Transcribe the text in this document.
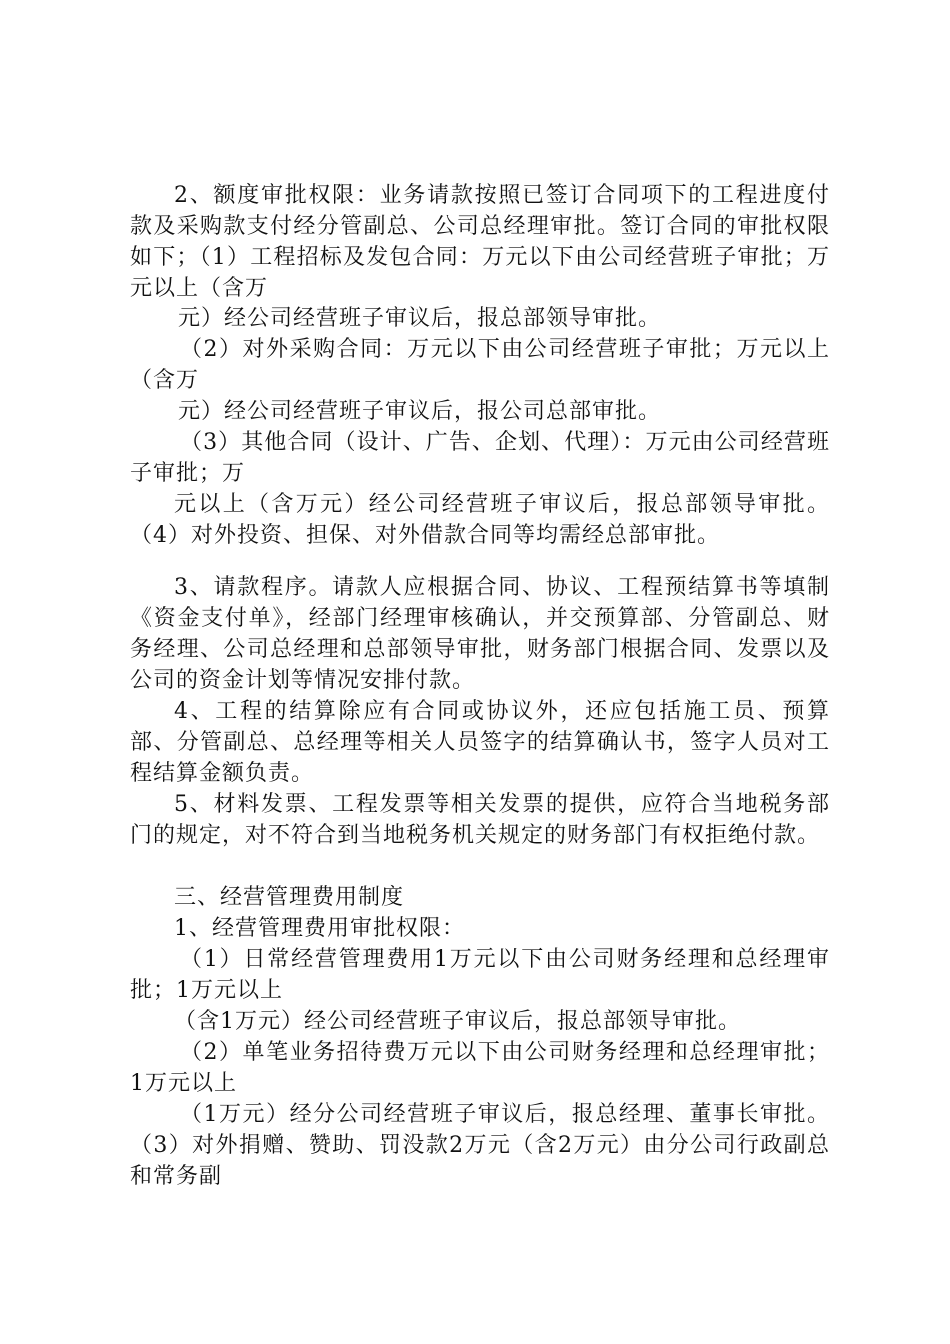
2、额度审批权限：业务请款按照已签订合同项下的工程进度付款及采购款支付经分管副总、公司总经理审批。签订合同的审批权限如下；（1）工程招标及发包合同：万元以下由公司经营班子审批；万元以上（含万

元）经公司经营班子审议后，报总部领导审批。

（2）对外采购合同：万元以下由公司经营班子审批；万元以上（含万

元）经公司经营班子审议后，报公司总部审批。

（3）其他合同（设计、广告、企划、代理）：万元由公司经营班子审批；万

元以上（含万元）经公司经营班子审议后，报总部领导审批。（4）对外投资、担保、对外借款合同等均需经总部审批。

3、请款程序。请款人应根据合同、协议、工程预结算书等填制《资金支付单》，经部门经理审核确认，并交预算部、分管副总、财务经理、公司总经理和总部领导审批，财务部门根据合同、发票以及公司的资金计划等情况安排付款。

4、工程的结算除应有合同或协议外，还应包括施工员、预算部、分管副总、总经理等相关人员签字的结算确认书，签字人员对工程结算金额负责。

5、材料发票、工程发票等相关发票的提供，应符合当地税务部门的规定，对不符合到当地税务机关规定的财务部门有权拒绝付款。

三、经营管理费用制度

1、经营管理费用审批权限：

（1）日常经营管理费用1万元以下由公司财务经理和总经理审批；1万元以上

（含1万元）经公司经营班子审议后，报总部领导审批。

（2）单笔业务招待费万元以下由公司财务经理和总经理审批；1万元以上

（1万元）经分公司经营班子审议后，报总经理、董事长审批。（3）对外捐赠、赞助、罚没款2万元（含2万元）由分公司行政副总和常务副
